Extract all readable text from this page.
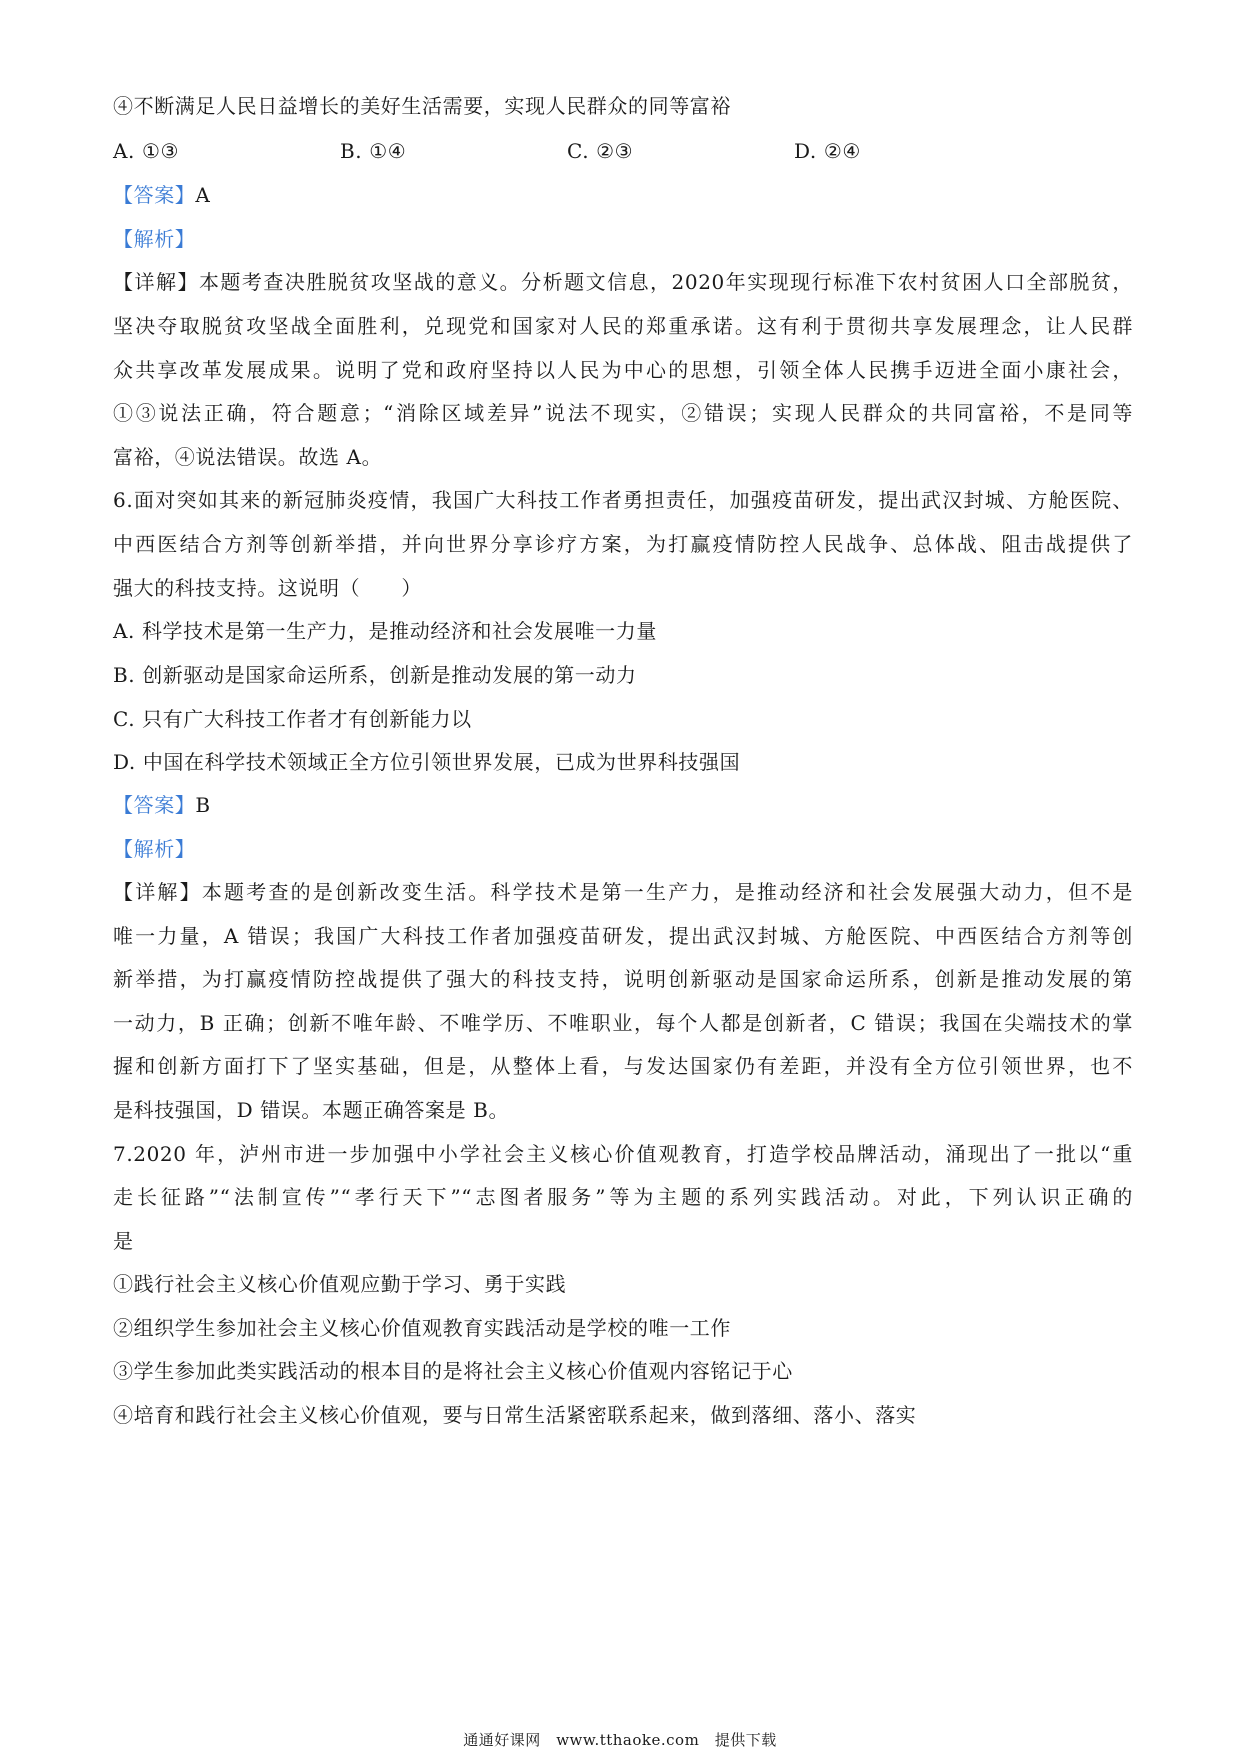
④不断满足人民日益增长的美好生活需要，实现人民群众的同等富裕
A. ①③	B. ①④	C. ②③	D. ②④
【答案】A
【解析】
【详解】本题考查决胜脱贫攻坚战的意义。分析题文信息，2020年实现现行标准下农村贫困人口全部脱贫，
坚决夺取脱贫攻坚战全面胜利，兑现党和国家对人民的郑重承诺。这有利于贯彻共享发展理念，让人民群
众共享改革发展成果。说明了党和政府坚持以人民为中心的思想，引领全体人民携手迈进全面小康社会，
①③说法正确，符合题意；“消除区域差异”说法不现实，②错误；实现人民群众的共同富裕，不是同等
富裕，④说法错误。故选 A。
6.面对突如其来的新冠肺炎疫情，我国广大科技工作者勇担责任，加强疫苗研发，提出武汉封城、方舱医院、
中西医结合方剂等创新举措，并向世界分享诊疗方案，为打赢疫情防控人民战争、总体战、阻击战提供了
强大的科技支持。这说明（　　）
A. 科学技术是第一生产力，是推动经济和社会发展唯一力量
B. 创新驱动是国家命运所系，创新是推动发展的第一动力
C. 只有广大科技工作者才有创新能力以
D. 中国在科学技术领域正全方位引领世界发展，已成为世界科技强国
【答案】B
【解析】
【详解】本题考查的是创新改变生活。科学技术是第一生产力，是推动经济和社会发展强大动力，但不是
唯一力量，A 错误；我国广大科技工作者加强疫苗研发，提出武汉封城、方舱医院、中西医结合方剂等创
新举措，为打赢疫情防控战提供了强大的科技支持，说明创新驱动是国家命运所系，创新是推动发展的第
一动力，B 正确；创新不唯年龄、不唯学历、不唯职业，每个人都是创新者，C 错误；我国在尖端技术的掌
握和创新方面打下了坚实基础，但是，从整体上看，与发达国家仍有差距，并没有全方位引领世界，也不
是科技强国，D 错误。本题正确答案是 B。
7.2020 年，泸州市进一步加强中小学社会主义核心价值观教育，打造学校品牌活动，涌现出了一批以“重
走长征路”“法制宣传”“孝行天下”“志图者服务”等为主题的系列实践活动。对此，下列认识正确的
是
①践行社会主义核心价值观应勤于学习、勇于实践
②组织学生参加社会主义核心价值观教育实践活动是学校的唯一工作
③学生参加此类实践活动的根本目的是将社会主义核心价值观内容铭记于心
④培育和践行社会主义核心价值观，要与日常生活紧密联系起来，做到落细、落小、落实
通通好课网　www.tthaoke.com　提供下载
